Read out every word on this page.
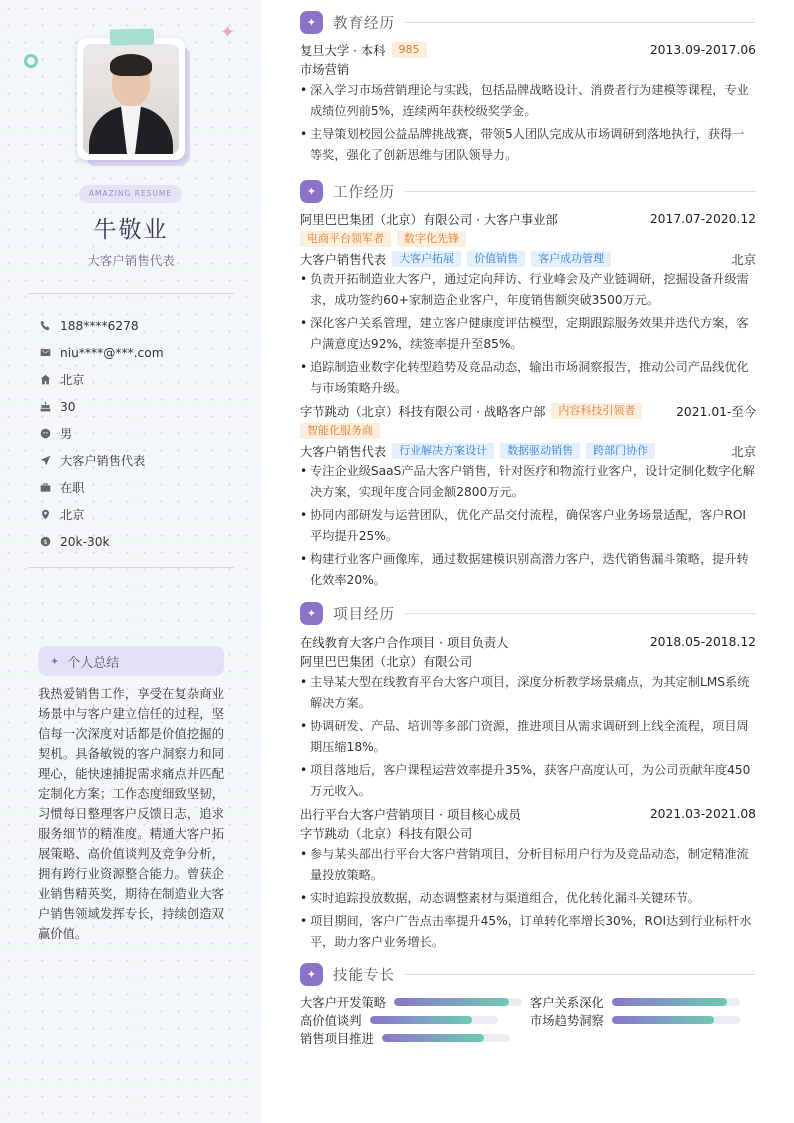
✦
AMAZING RESUME
牛敬业
大客户销售代表
188****6278
niu****@***.com
北京
30
男
大客户销售代表
在职
北京
$ 20k-30k
✦ 个人总结
我热爱销售工作，享受在复杂商业场景中与客户建立信任的过程，坚信每一次深度对话都是价值挖掘的契机。具备敏锐的客户洞察力和同理心，能快速捕捉需求痛点并匹配定制化方案；工作态度细致坚韧，习惯每日整理客户反馈日志，追求服务细节的精准度。精通大客户拓展策略、高价值谈判及竞争分析，拥有跨行业资源整合能力。曾获企业销售精英奖，期待在制造业大客户销售领域发挥专长，持续创造双赢价值。
✦	教育经历
复旦大学 · 本科	985	2013.09-2017.06
市场营销
• 深入学习市场营销理论与实践，包括品牌战略设计、消费者行为建模等课程，专业成绩位列前5%，连续两年获校级奖学金。
• 主导策划校园公益品牌挑战赛，带领5人团队完成从市场调研到落地执行，获得一等奖，强化了创新思维与团队领导力。
✦	工作经历
阿里巴巴集团（北京）有限公司 · 大客户事业部	2017.07-2020.12
电商平台领军者	数字化先锋
大客户销售代表	大客户拓展	价值销售	客户成功管理	北京
• 负责开拓制造业大客户，通过定向拜访、行业峰会及产业链调研，挖掘设备升级需求，成功签约60+家制造企业客户，年度销售额突破3500万元。
• 深化客户关系管理，建立客户健康度评估模型，定期跟踪服务效果并迭代方案，客户满意度达92%，续签率提升至85%。
• 追踪制造业数字化转型趋势及竞品动态，输出市场洞察报告，推动公司产品线优化与市场策略升级。
字节跳动（北京）科技有限公司 · 战略客户部	内容科技引领者	2021.01-至今
智能化服务商
大客户销售代表	行业解决方案设计	数据驱动销售	跨部门协作	北京
• 专注企业级SaaS产品大客户销售，针对医疗和物流行业客户，设计定制化数字化解决方案，实现年度合同金额2800万元。
• 协同内部研发与运营团队，优化产品交付流程，确保客户业务场景适配，客户ROI平均提升25%。
• 构建行业客户画像库，通过数据建模识别高潜力客户，迭代销售漏斗策略，提升转化效率20%。
✦	项目经历
在线教育大客户合作项目 · 项目负责人	2018.05-2018.12
阿里巴巴集团（北京）有限公司
• 主导某大型在线教育平台大客户项目，深度分析教学场景痛点，为其定制LMS系统解决方案。
• 协调研发、产品、培训等多部门资源，推进项目从需求调研到上线全流程，项目周期压缩18%。
• 项目落地后，客户课程运营效率提升35%，获客户高度认可，为公司贡献年度450万元收入。
出行平台大客户营销项目 · 项目核心成员	2021.03-2021.08
字节跳动（北京）科技有限公司
• 参与某头部出行平台大客户营销项目，分析目标用户行为及竞品动态，制定精准流量投放策略。
• 实时追踪投放数据，动态调整素材与渠道组合，优化转化漏斗关键环节。
• 项目期间，客户广告点击率提升45%，订单转化率增长30%，ROI达到行业标杆水平，助力客户业务增长。
✦	技能专长
大客户开发策略	客户关系深化
高价值谈判	市场趋势洞察
销售项目推进
